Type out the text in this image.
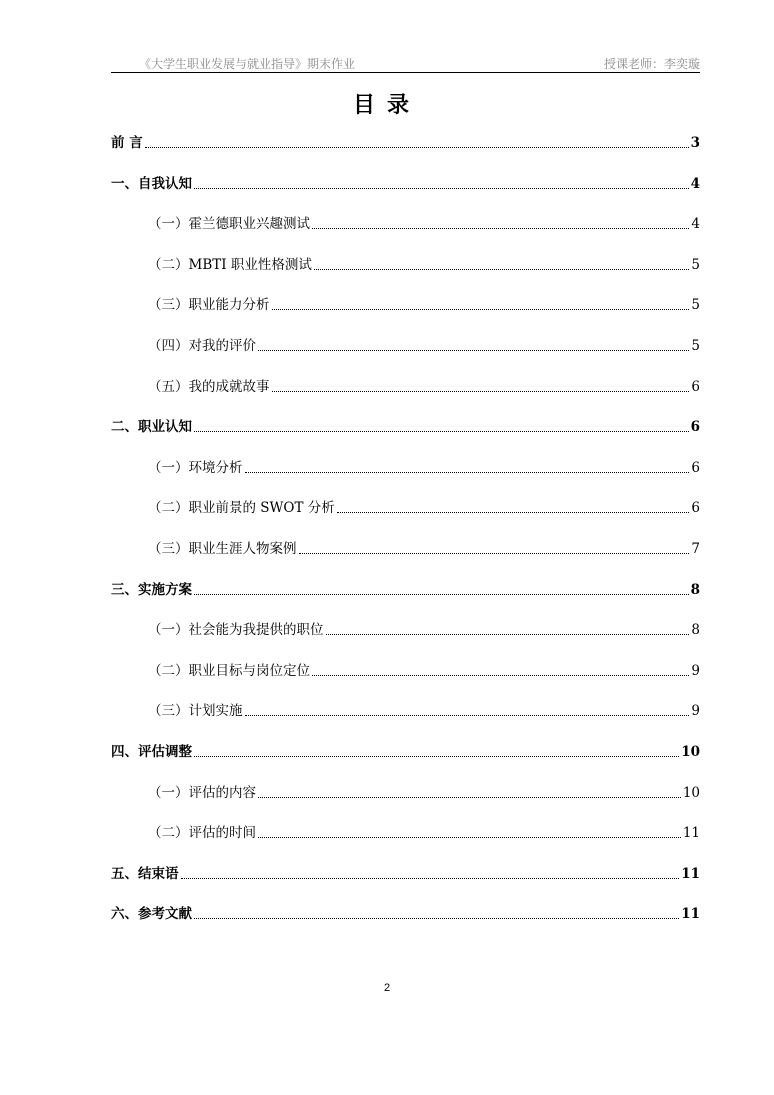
《大学生职业发展与就业指导》期末作业	授课老师：李奕璇
目录
前 言	3
一、自我认知	4
（一）霍兰德职业兴趣测试	4
（二）MBTI 职业性格测试	5
（三）职业能力分析	5
（四）对我的评价	5
（五）我的成就故事	6
二、职业认知	6
（一）环境分析	6
（二）职业前景的 SWOT 分析	6
（三）职业生涯人物案例	7
三、实施方案	8
（一）社会能为我提供的职位	8
（二）职业目标与岗位定位	9
（三）计划实施	9
四、评估调整	10
（一）评估的内容	10
（二）评估的时间	11
五、结束语	11
六、参考文献	11
2
